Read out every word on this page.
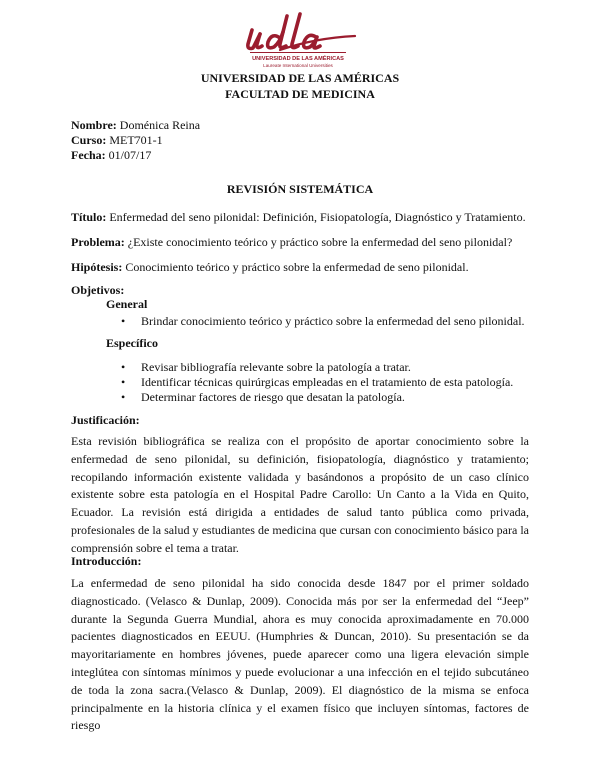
UNIVERSIDAD DE LAS AMÉRICAS
Laureate International Universities
UNIVERSIDAD DE LAS AMÉRICAS
FACULTAD DE MEDICINA
Nombre: Doménica Reina
Curso: MET701-1
Fecha: 01/07/17
REVISIÓN SISTEMÁTICA
Título: Enfermedad del seno pilonidal: Definición, Fisiopatología, Diagnóstico y Tratamiento.
Problema: ¿Existe conocimiento teórico y práctico sobre la enfermedad del seno pilonidal?
Hipótesis: Conocimiento teórico y práctico sobre la enfermedad de seno pilonidal.
Objetivos:
General
• Brindar conocimiento teórico y práctico sobre la enfermedad del seno pilonidal.
Específico
• Revisar bibliografía relevante sobre la patología a tratar.
• Identificar técnicas quirúrgicas empleadas en el tratamiento de esta patología.
• Determinar factores de riesgo que desatan la patología.
Justificación:
Esta revisión bibliográfica se realiza con el propósito de aportar conocimiento sobre la enfermedad de seno pilonidal, su definición, fisiopatología, diagnóstico y tratamiento; recopilando información existente validada y basándonos a propósito de un caso clínico existente sobre esta patología en el Hospital Padre Carollo: Un Canto a la Vida en Quito, Ecuador. La revisión está dirigida a entidades de salud tanto pública como privada, profesionales de la salud y estudiantes de medicina que cursan con conocimiento básico para la comprensión sobre el tema a tratar.
Introducción:
La enfermedad de seno pilonidal ha sido conocida desde 1847 por el primer soldado diagnosticado. (Velasco & Dunlap, 2009). Conocida más por ser la enfermedad del “Jeep” durante la Segunda Guerra Mundial, ahora es muy conocida aproximadamente en 70.000 pacientes diagnosticados en EEUU. (Humphries & Duncan, 2010). Su presentación se da mayoritariamente en hombres jóvenes, puede aparecer como una ligera elevación simple integlútea con síntomas mínimos y puede evolucionar a una infección en el tejido subcutáneo de toda la zona sacra.(Velasco & Dunlap, 2009). El diagnóstico de la misma se enfoca principalmente en la historia clínica y el examen físico que incluyen síntomas, factores de riesgo
